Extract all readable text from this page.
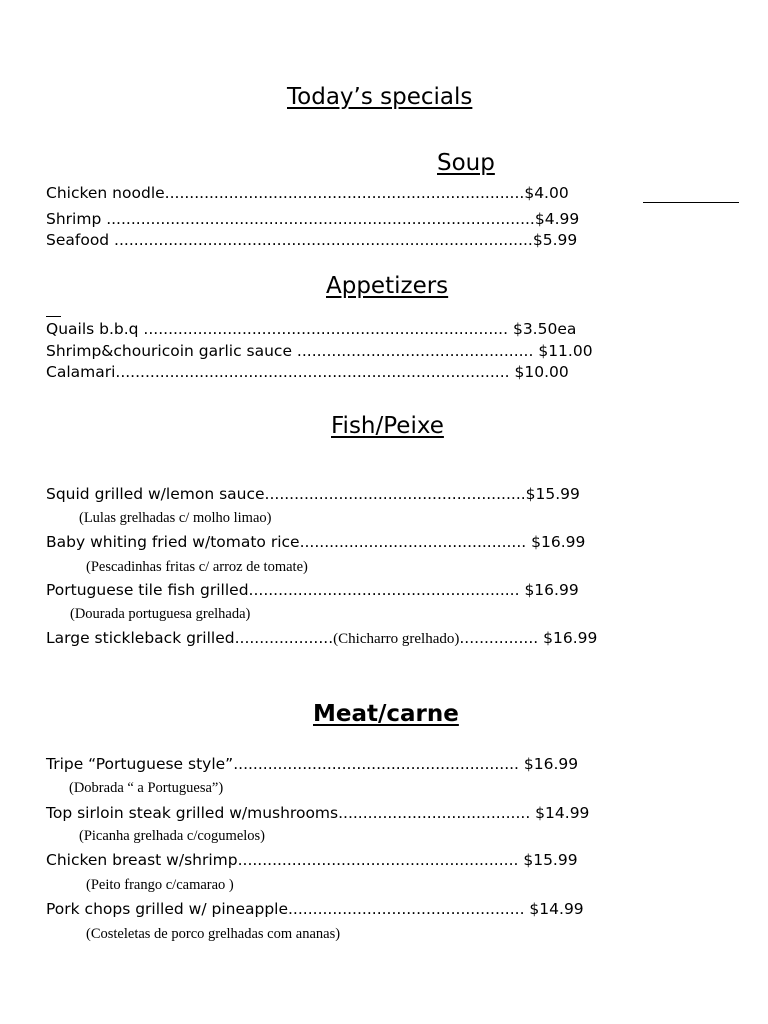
Today’s specials
Soup
Chicken noodle.........................................................................$4.00
Shrimp .......................................................................................$4.99
Seafood .....................................................................................$5.99
Appetizers
Quails b.b.q .......................................................................... $3.50ea
Shrimp&chouricoin garlic sauce ................................................ $11.00
Calamari................................................................................ $10.00
Fish/Peixe
Squid grilled w/lemon sauce.....................................................$15.99
(Lulas grelhadas c/ molho limao)
Baby whiting fried w/tomato rice.............................................. $16.99
(Pescadinhas fritas c/ arroz de tomate)
Portuguese tile fish grilled....................................................... $16.99
(Dourada portuguesa grelhada)
Large stickleback grilled....................(Chicharro grelhado)................ $16.99
Meat/carne
Tripe “Portuguese style”.......................................................... $16.99
(Dobrada “ a Portuguesa”)
Top sirloin steak grilled w/mushrooms....................................... $14.99
(Picanha grelhada c/cogumelos)
Chicken breast w/shrimp......................................................... $15.99
(Peito frango c/camarao )
Pork chops grilled w/ pineapple................................................ $14.99
(Costeletas de porco grelhadas com ananas)
